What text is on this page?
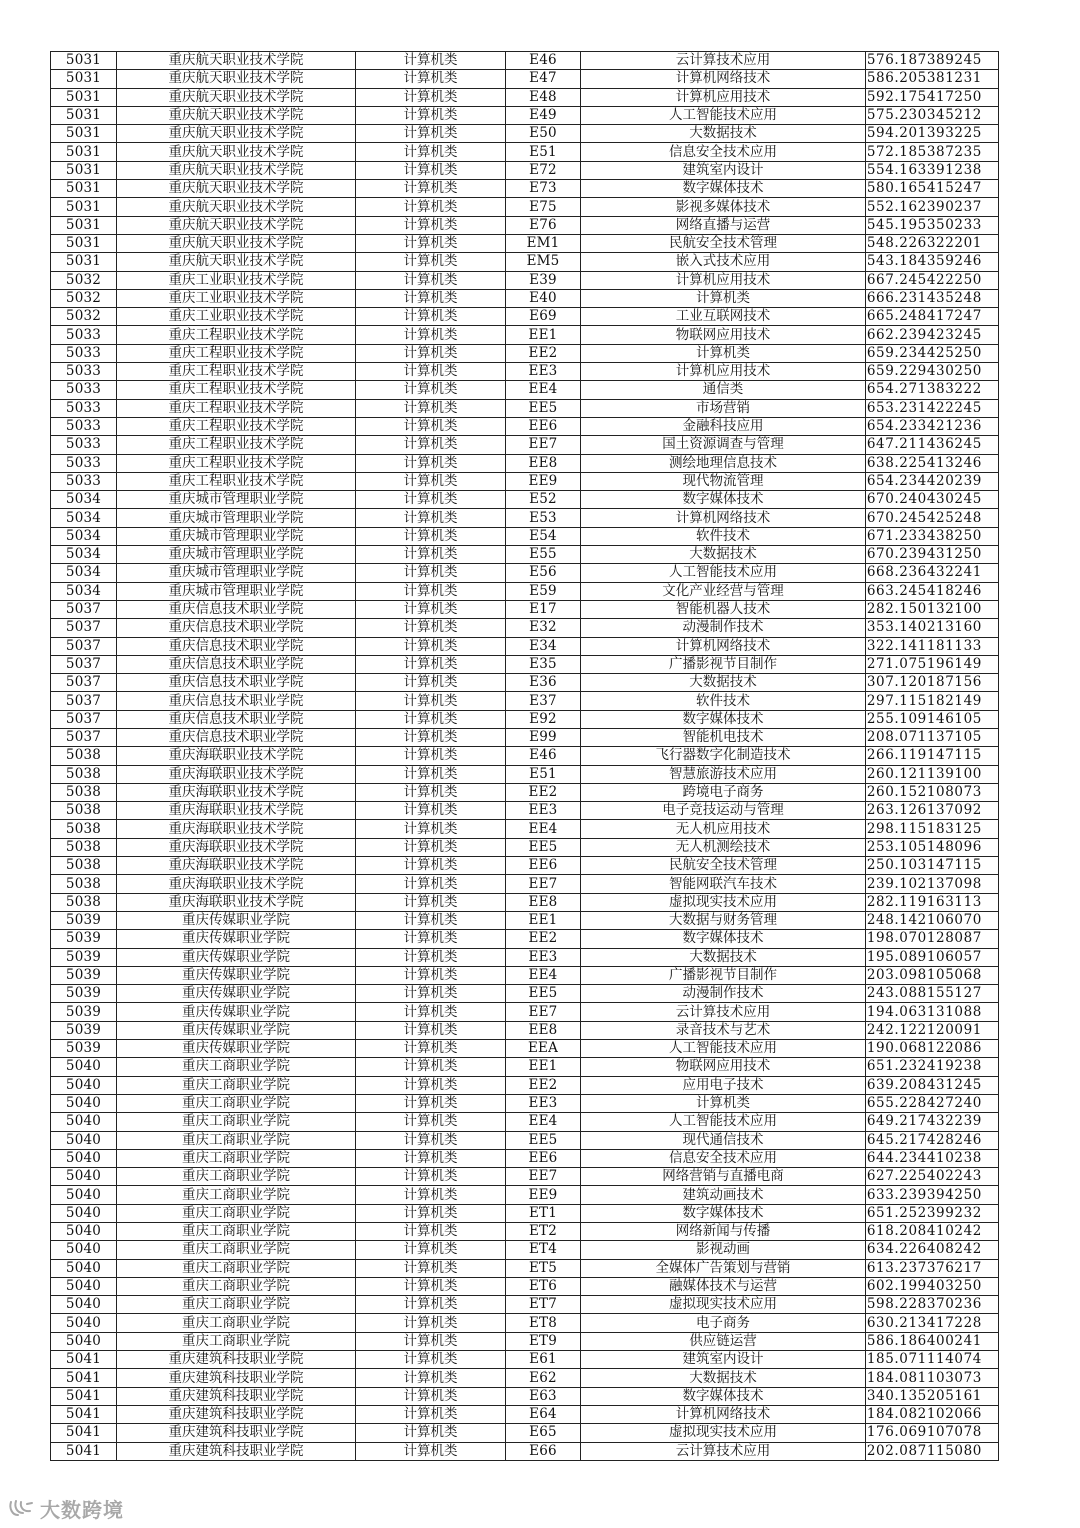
5031	重庆航天职业技术学院	计算机类	E46	云计算技术应用	576.187389245
5031	重庆航天职业技术学院	计算机类	E47	计算机网络技术	586.205381231
5031	重庆航天职业技术学院	计算机类	E48	计算机应用技术	592.175417250
5031	重庆航天职业技术学院	计算机类	E49	人工智能技术应用	575.230345212
5031	重庆航天职业技术学院	计算机类	E50	大数据技术	594.201393225
5031	重庆航天职业技术学院	计算机类	E51	信息安全技术应用	572.185387235
5031	重庆航天职业技术学院	计算机类	E72	建筑室内设计	554.163391238
5031	重庆航天职业技术学院	计算机类	E73	数字媒体技术	580.165415247
5031	重庆航天职业技术学院	计算机类	E75	影视多媒体技术	552.162390237
5031	重庆航天职业技术学院	计算机类	E76	网络直播与运营	545.195350233
5031	重庆航天职业技术学院	计算机类	EM1	民航安全技术管理	548.226322201
5031	重庆航天职业技术学院	计算机类	EM5	嵌入式技术应用	543.184359246
5032	重庆工业职业技术学院	计算机类	E39	计算机应用技术	667.245422250
5032	重庆工业职业技术学院	计算机类	E40	计算机类	666.231435248
5032	重庆工业职业技术学院	计算机类	E69	工业互联网技术	665.248417247
5033	重庆工程职业技术学院	计算机类	EE1	物联网应用技术	662.239423245
5033	重庆工程职业技术学院	计算机类	EE2	计算机类	659.234425250
5033	重庆工程职业技术学院	计算机类	EE3	计算机应用技术	659.229430250
5033	重庆工程职业技术学院	计算机类	EE4	通信类	654.271383222
5033	重庆工程职业技术学院	计算机类	EE5	市场营销	653.231422245
5033	重庆工程职业技术学院	计算机类	EE6	金融科技应用	654.233421236
5033	重庆工程职业技术学院	计算机类	EE7	国土资源调查与管理	647.211436245
5033	重庆工程职业技术学院	计算机类	EE8	测绘地理信息技术	638.225413246
5033	重庆工程职业技术学院	计算机类	EE9	现代物流管理	654.234420239
5034	重庆城市管理职业学院	计算机类	E52	数字媒体技术	670.240430245
5034	重庆城市管理职业学院	计算机类	E53	计算机网络技术	670.245425248
5034	重庆城市管理职业学院	计算机类	E54	软件技术	671.233438250
5034	重庆城市管理职业学院	计算机类	E55	大数据技术	670.239431250
5034	重庆城市管理职业学院	计算机类	E56	人工智能技术应用	668.236432241
5034	重庆城市管理职业学院	计算机类	E59	文化产业经营与管理	663.245418246
5037	重庆信息技术职业学院	计算机类	E17	智能机器人技术	282.150132100
5037	重庆信息技术职业学院	计算机类	E32	动漫制作技术	353.140213160
5037	重庆信息技术职业学院	计算机类	E34	计算机网络技术	322.141181133
5037	重庆信息技术职业学院	计算机类	E35	广播影视节目制作	271.075196149
5037	重庆信息技术职业学院	计算机类	E36	大数据技术	307.120187156
5037	重庆信息技术职业学院	计算机类	E37	软件技术	297.115182149
5037	重庆信息技术职业学院	计算机类	E92	数字媒体技术	255.109146105
5037	重庆信息技术职业学院	计算机类	E99	智能机电技术	208.071137105
5038	重庆海联职业技术学院	计算机类	E46	飞行器数字化制造技术	266.119147115
5038	重庆海联职业技术学院	计算机类	E51	智慧旅游技术应用	260.121139100
5038	重庆海联职业技术学院	计算机类	EE2	跨境电子商务	260.152108073
5038	重庆海联职业技术学院	计算机类	EE3	电子竞技运动与管理	263.126137092
5038	重庆海联职业技术学院	计算机类	EE4	无人机应用技术	298.115183125
5038	重庆海联职业技术学院	计算机类	EE5	无人机测绘技术	253.105148096
5038	重庆海联职业技术学院	计算机类	EE6	民航安全技术管理	250.103147115
5038	重庆海联职业技术学院	计算机类	EE7	智能网联汽车技术	239.102137098
5038	重庆海联职业技术学院	计算机类	EE8	虚拟现实技术应用	282.119163113
5039	重庆传媒职业学院	计算机类	EE1	大数据与财务管理	248.142106070
5039	重庆传媒职业学院	计算机类	EE2	数字媒体技术	198.070128087
5039	重庆传媒职业学院	计算机类	EE3	大数据技术	195.089106057
5039	重庆传媒职业学院	计算机类	EE4	广播影视节目制作	203.098105068
5039	重庆传媒职业学院	计算机类	EE5	动漫制作技术	243.088155127
5039	重庆传媒职业学院	计算机类	EE7	云计算技术应用	194.063131088
5039	重庆传媒职业学院	计算机类	EE8	录音技术与艺术	242.122120091
5039	重庆传媒职业学院	计算机类	EEA	人工智能技术应用	190.068122086
5040	重庆工商职业学院	计算机类	EE1	物联网应用技术	651.232419238
5040	重庆工商职业学院	计算机类	EE2	应用电子技术	639.208431245
5040	重庆工商职业学院	计算机类	EE3	计算机类	655.228427240
5040	重庆工商职业学院	计算机类	EE4	人工智能技术应用	649.217432239
5040	重庆工商职业学院	计算机类	EE5	现代通信技术	645.217428246
5040	重庆工商职业学院	计算机类	EE6	信息安全技术应用	644.234410238
5040	重庆工商职业学院	计算机类	EE7	网络营销与直播电商	627.225402243
5040	重庆工商职业学院	计算机类	EE9	建筑动画技术	633.239394250
5040	重庆工商职业学院	计算机类	ET1	数字媒体技术	651.252399232
5040	重庆工商职业学院	计算机类	ET2	网络新闻与传播	618.208410242
5040	重庆工商职业学院	计算机类	ET4	影视动画	634.226408242
5040	重庆工商职业学院	计算机类	ET5	全媒体广告策划与营销	613.237376217
5040	重庆工商职业学院	计算机类	ET6	融媒体技术与运营	602.199403250
5040	重庆工商职业学院	计算机类	ET7	虚拟现实技术应用	598.228370236
5040	重庆工商职业学院	计算机类	ET8	电子商务	630.213417228
5040	重庆工商职业学院	计算机类	ET9	供应链运营	586.186400241
5041	重庆建筑科技职业学院	计算机类	E61	建筑室内设计	185.071114074
5041	重庆建筑科技职业学院	计算机类	E62	大数据技术	184.081103073
5041	重庆建筑科技职业学院	计算机类	E63	数字媒体技术	340.135205161
5041	重庆建筑科技职业学院	计算机类	E64	计算机网络技术	184.082102066
5041	重庆建筑科技职业学院	计算机类	E65	虚拟现实技术应用	176.069107078
5041	重庆建筑科技职业学院	计算机类	E66	云计算技术应用	202.087115080
大数跨境
